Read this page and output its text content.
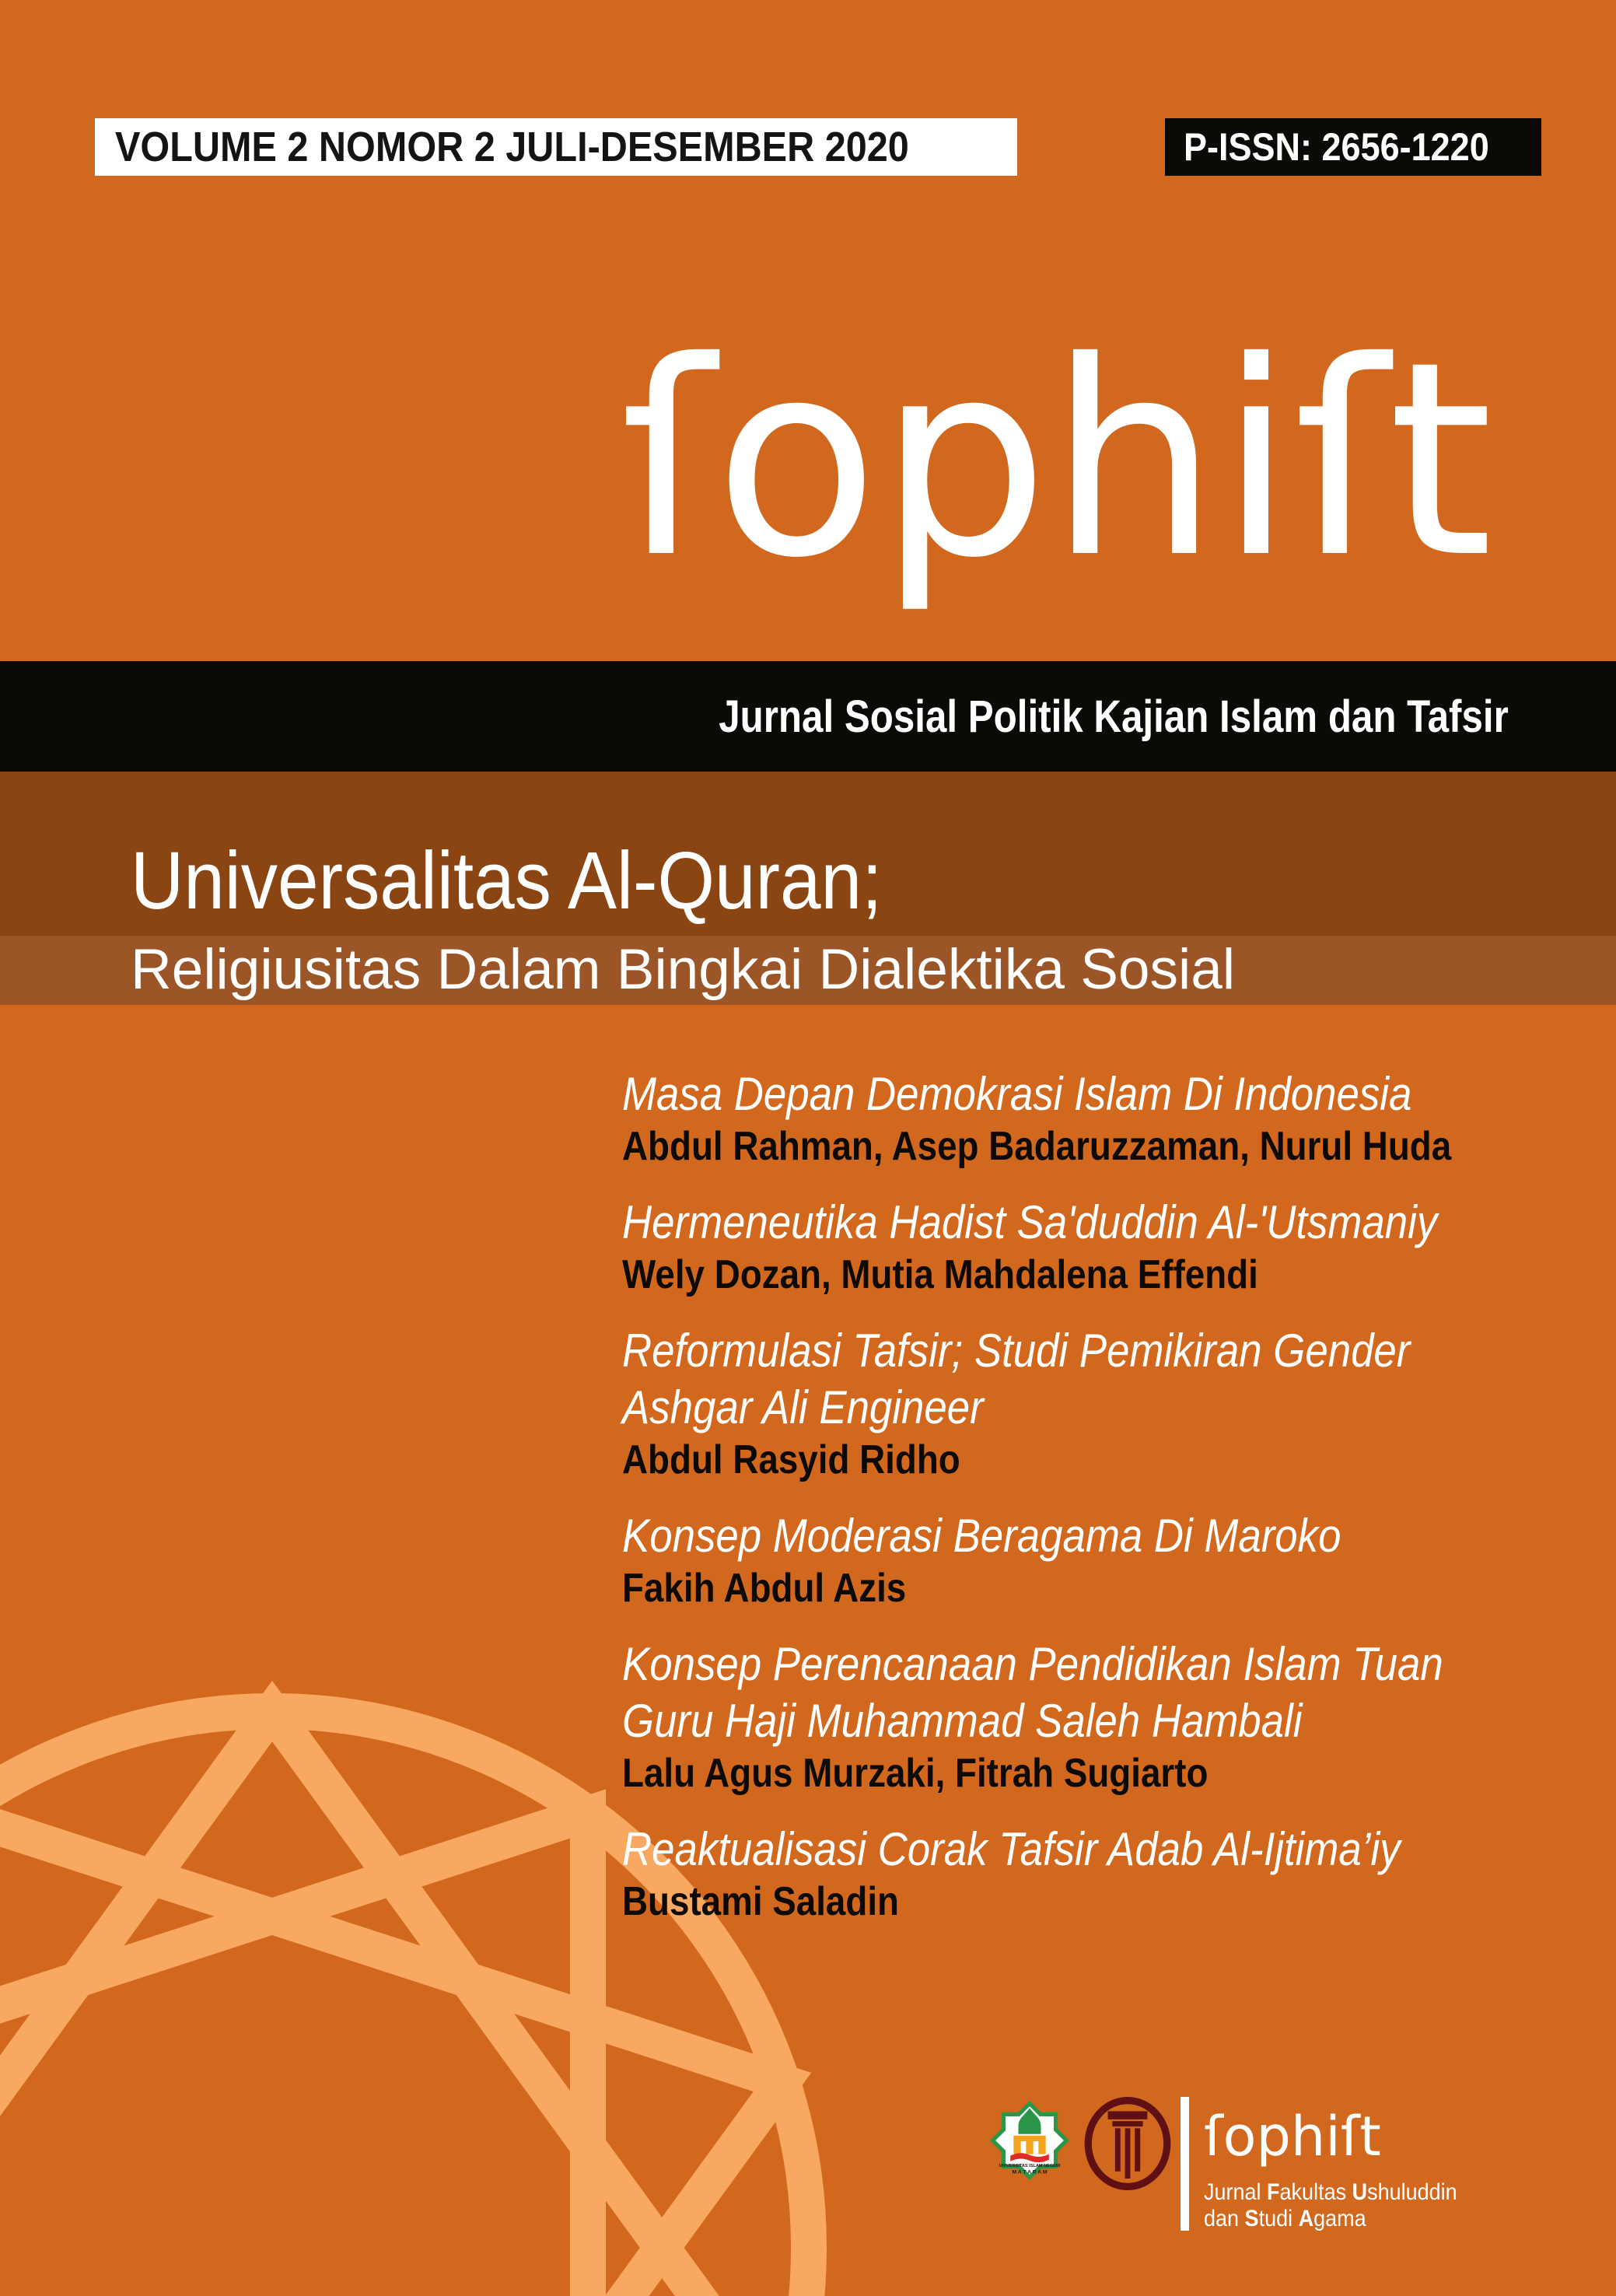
VOLUME 2 NOMOR 2 JULI-DESEMBER 2020	P-ISSN: 2656-1220
ſophiſt
Jurnal Sosial Politik Kajian Islam dan Tafsir
Universalitas Al-Quran;
Religiusitas Dalam Bingkai Dialektika Sosial
Masa Depan Demokrasi Islam Di Indonesia
Abdul Rahman, Asep Badaruzzaman, Nurul Huda
Hermeneutika Hadist Sa'duddin Al-'Utsmaniy
Wely Dozan, Mutia Mahdalena Effendi
Reformulasi Tafsir; Studi Pemikiran Gender
Ashgar Ali Engineer
Abdul Rasyid Ridho
Konsep Moderasi Beragama Di Maroko
Fakih Abdul Azis
Konsep Perencanaan Pendidikan Islam Tuan
Guru Haji Muhammad Saleh Hambali
Lalu Agus Murzaki, Fitrah Sugiarto
Reaktualisasi Corak Tafsir Adab Al-Ijtima’iy
Bustami Saladin
UNIVERSITAS ISLAM NEGERI
M A T A R A M
ſophiſt
Jurnal Fakultas Ushuluddin
dan Studi Agama
